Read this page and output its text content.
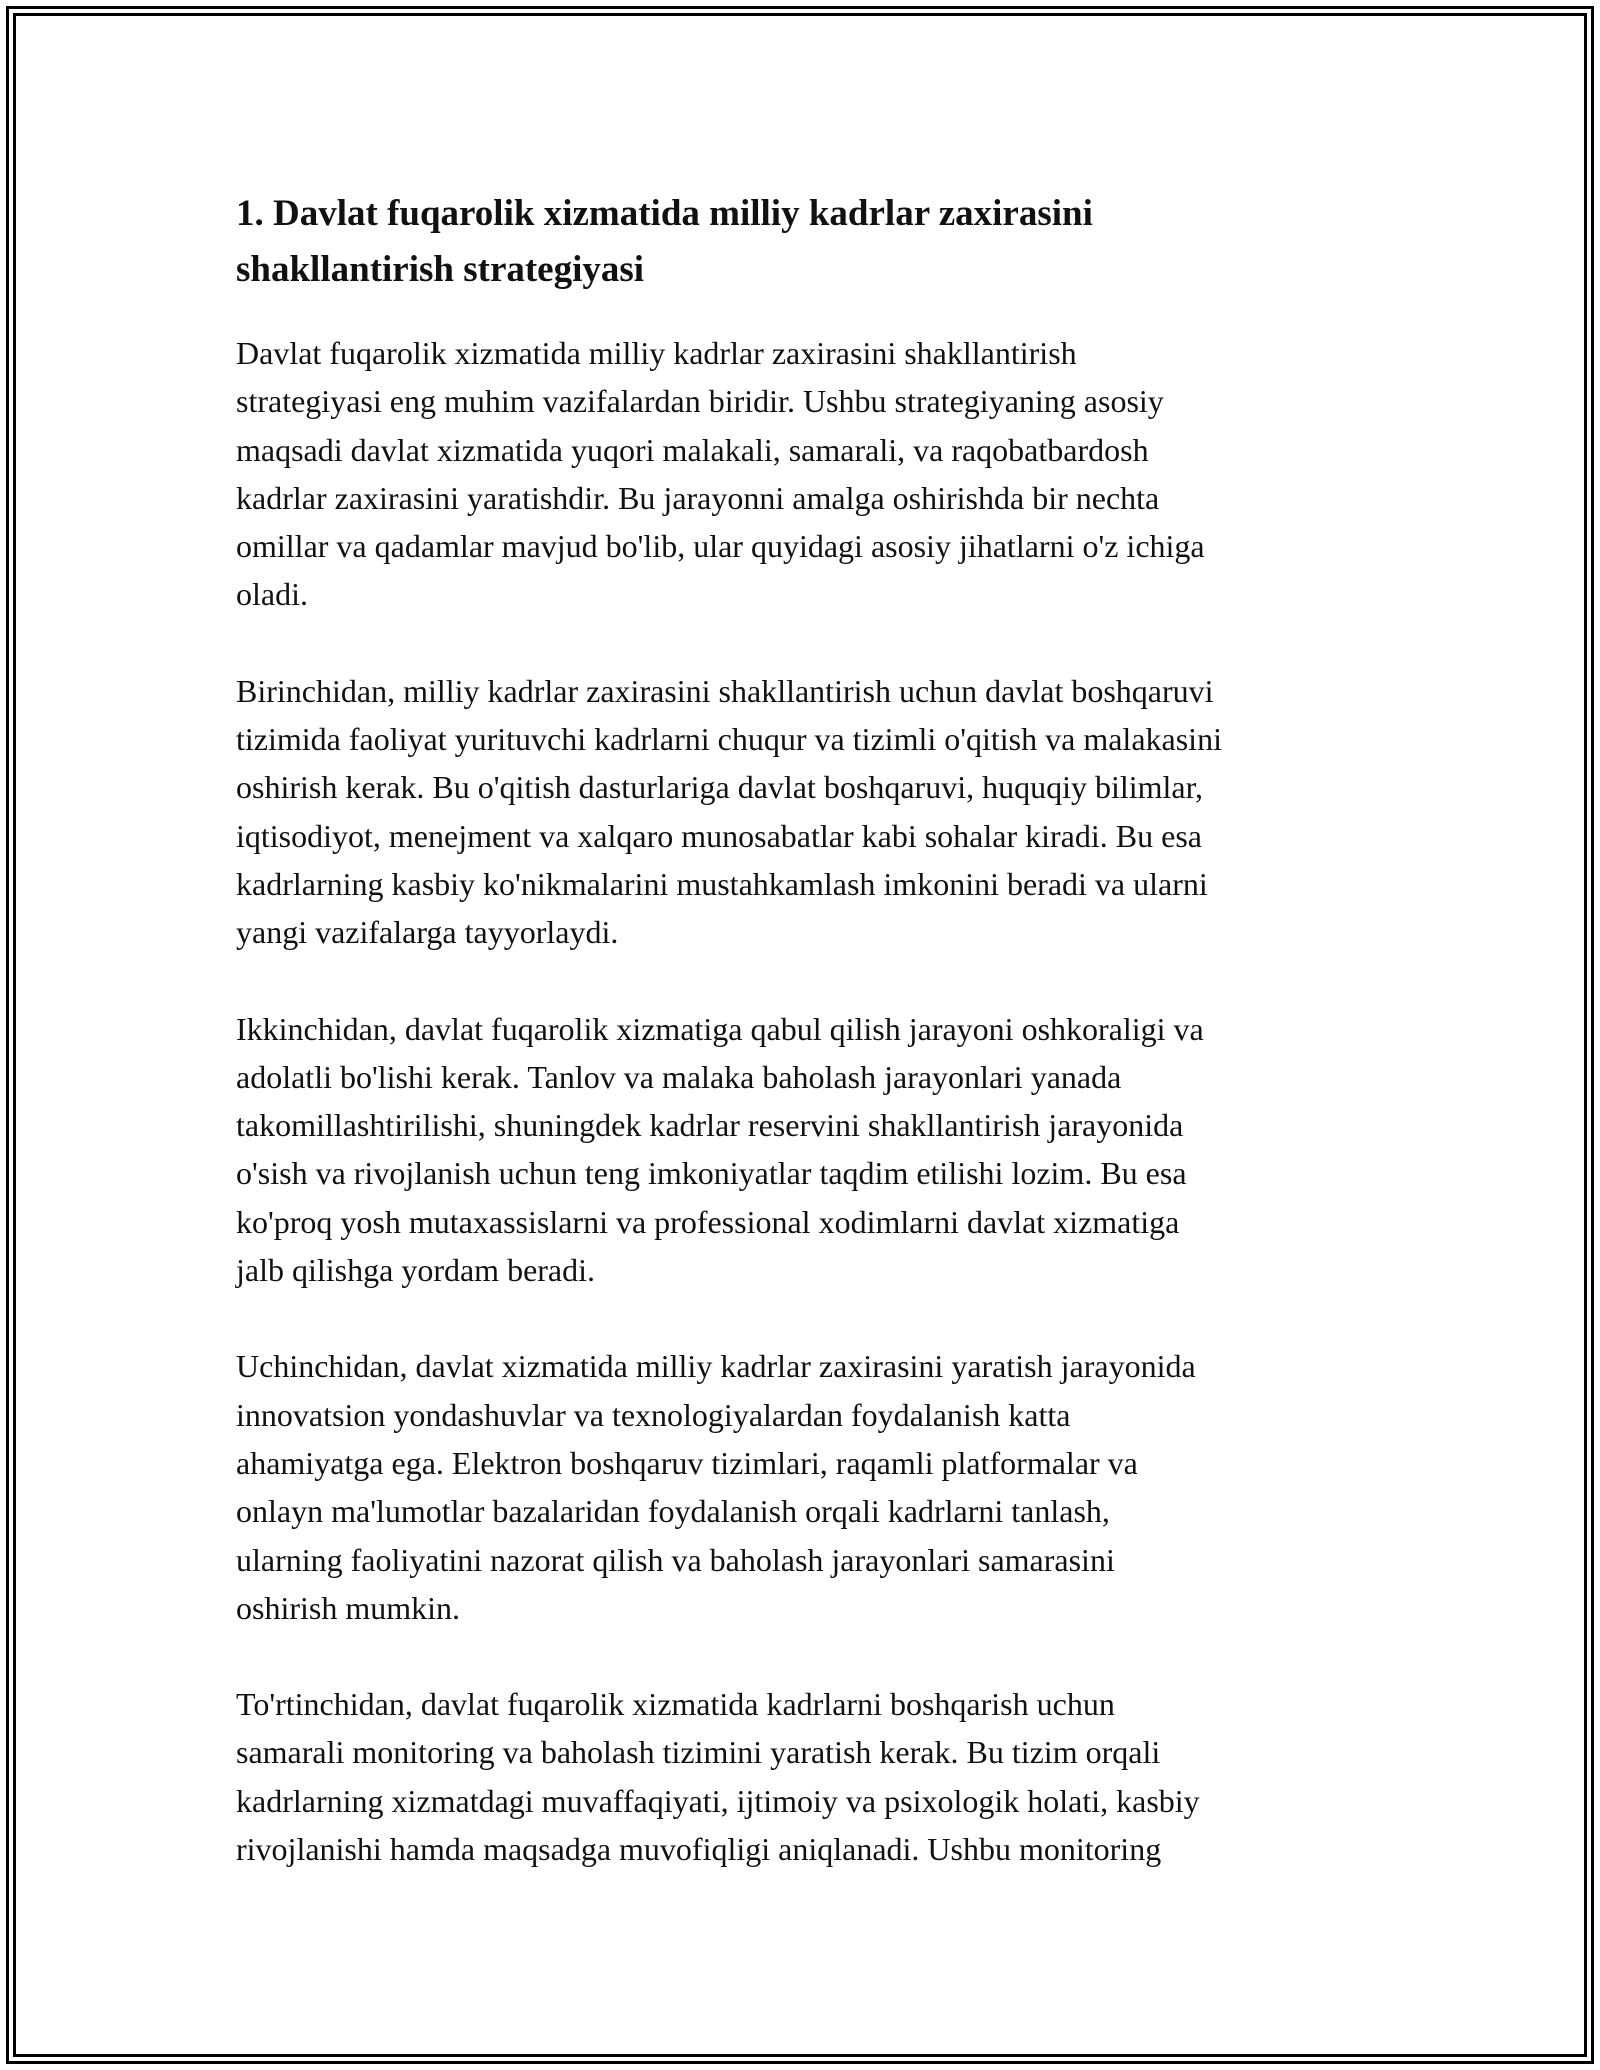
1. Davlat fuqarolik xizmatida milliy kadrlar zaxirasini
shakllantirish strategiyasi

Davlat fuqarolik xizmatida milliy kadrlar zaxirasini shakllantirish
strategiyasi eng muhim vazifalardan biridir. Ushbu strategiyaning asosiy
maqsadi davlat xizmatida yuqori malakali, samarali, va raqobatbardosh
kadrlar zaxirasini yaratishdir. Bu jarayonni amalga oshirishda bir nechta
omillar va qadamlar mavjud bo'lib, ular quyidagi asosiy jihatlarni o'z ichiga
oladi.

Birinchidan, milliy kadrlar zaxirasini shakllantirish uchun davlat boshqaruvi
tizimida faoliyat yurituvchi kadrlarni chuqur va tizimli o'qitish va malakasini
oshirish kerak. Bu o'qitish dasturlariga davlat boshqaruvi, huquqiy bilimlar,
iqtisodiyot, menejment va xalqaro munosabatlar kabi sohalar kiradi. Bu esa
kadrlarning kasbiy ko'nikmalarini mustahkamlash imkonini beradi va ularni
yangi vazifalarga tayyorlaydi.

Ikkinchidan, davlat fuqarolik xizmatiga qabul qilish jarayoni oshkoraligi va
adolatli bo'lishi kerak. Tanlov va malaka baholash jarayonlari yanada
takomillashtirilishi, shuningdek kadrlar reservini shakllantirish jarayonida
o'sish va rivojlanish uchun teng imkoniyatlar taqdim etilishi lozim. Bu esa
ko'proq yosh mutaxassislarni va professional xodimlarni davlat xizmatiga
jalb qilishga yordam beradi.

Uchinchidan, davlat xizmatida milliy kadrlar zaxirasini yaratish jarayonida
innovatsion yondashuvlar va texnologiyalardan foydalanish katta
ahamiyatga ega. Elektron boshqaruv tizimlari, raqamli platformalar va
onlayn ma'lumotlar bazalaridan foydalanish orqali kadrlarni tanlash,
ularning faoliyatini nazorat qilish va baholash jarayonlari samarasini
oshirish mumkin.

To'rtinchidan, davlat fuqarolik xizmatida kadrlarni boshqarish uchun
samarali monitoring va baholash tizimini yaratish kerak. Bu tizim orqali
kadrlarning xizmatdagi muvaffaqiyati, ijtimoiy va psixologik holati, kasbiy
rivojlanishi hamda maqsadga muvofiqligi aniqlanadi. Ushbu monitoring
